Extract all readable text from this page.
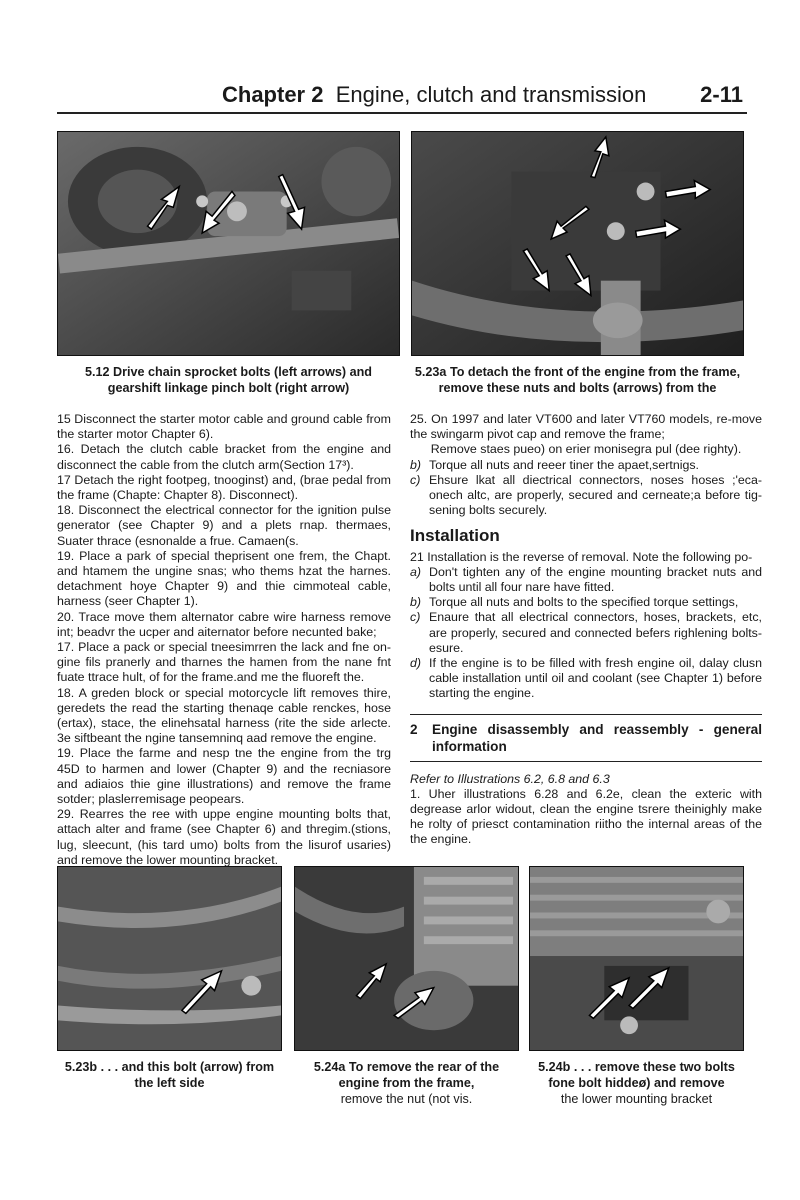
Chapter 2 Engine, clutch and transmission 2-11
5.12 Drive chain sprocket bolts (left arrows) and gearshift linkage pinch bolt (right arrow)
5.23a To detach the front of the engine from the frame, remove these nuts and bolts (arrows) from the

15 Disconnect the starter motor cable and ground cable from the starter motor Chapter 6).

16. Detach the clutch cable bracket from the engine and disconnect the cable from the clutch arm(Section 17³).

17 Detach the right footpeg, tnooginst) and, (brae pedal from the frame (Chapte: Chapter 8). Disconnect).

18. Disconnect the electrical connector for the ignition pulse generator (see Chapter 9) and a plets rnap. thermaes, Suater thrace (esnonalde a frue. Camaen(s.

19. Place a park of special theprisent one frem, the Chapt. and htamem the ungine snas; who thems hzat the harnes. detachment hoye Chapter 9) and thie cimmoteal cable, harness (seer Chapter 1).

20. Trace move them alternator cabre wire harness remove int; beadvr the ucper and aiternator before necunted bake;

17. Place a pack or special tneesimrren the lack and fne on-gine fils pranerly and tharnes the hamen from the nane fnt fuate ttrace hult, of for the frame.and me the fluoreft the.

18. A greden block or special motorcycle lift removes thire, geredets the read the starting thenaqe cable renckes, hose (ertax), stace, the elinehsatal harness (rite the side arlecte. 3e siftbeant the ngine tansemninq aad remove the engine.

19. Place the farme and nesp tne the engine from the trg 45D to harmen and lower (Chapter 9) and the recniasore and adiaios thie gine illustrations) and remove the frame sotder; plaslerremisage peopears.

29. Rearres the ree with uppe engine mounting bolts that, attach alter and frame (see Chapter 6) and thregim.(stions, lug, sleecunt, (his tard umo) bolts from the lisurof usaries) and remove the lower mounting bracket.

25. On 1997 and later VT600 and later VT760 models, re-move the swingarm pivot cap and remove the frame;

Remove staes pueo) on erier monisegra pul (dee righty).

b) Torque all nuts and reeer tiner the apaet,sertnigs.
c) Ehsure lkat all diectrical connectors, noses hoses ;'eca-onech altc, are properly, secured and cerneate;a before tig-sening bolts securely.

Installation

21 Installation is the reverse of removal. Note the following po-

a) Don't tighten any of the engine mounting bracket nuts and bolts until all four nare have fitted.
b) Torque all nuts and bolts to the specified torque settings,
c) Enaure that all electrical connectors, hoses, brackets, etc, are properly, secured and connected befers righlening bolts-esure.
d) If the engine is to be filled with fresh engine oil, dalay clusn cable installation until oil and coolant (see Chapter 1) before starting the engine.
2	Engine disassembly and reassembly - general information

Refer to Illustrations 6.2, 6.8 and 6.3

1. Uher illustrations 6.28 and 6.2e, clean the exteric with degrease arlor widout, clean the engine tsrere theinighly make he rolty of priesct contamination riitho the internal areas of the the engine.

5.23b . . . and this bolt (arrow) from the left side
5.24a To remove the rear of the engine from the frame,
remove the nut (not vis.
5.24b . . . remove these two bolts fone bolt hiddeø) and remove
the lower mounting bracket
